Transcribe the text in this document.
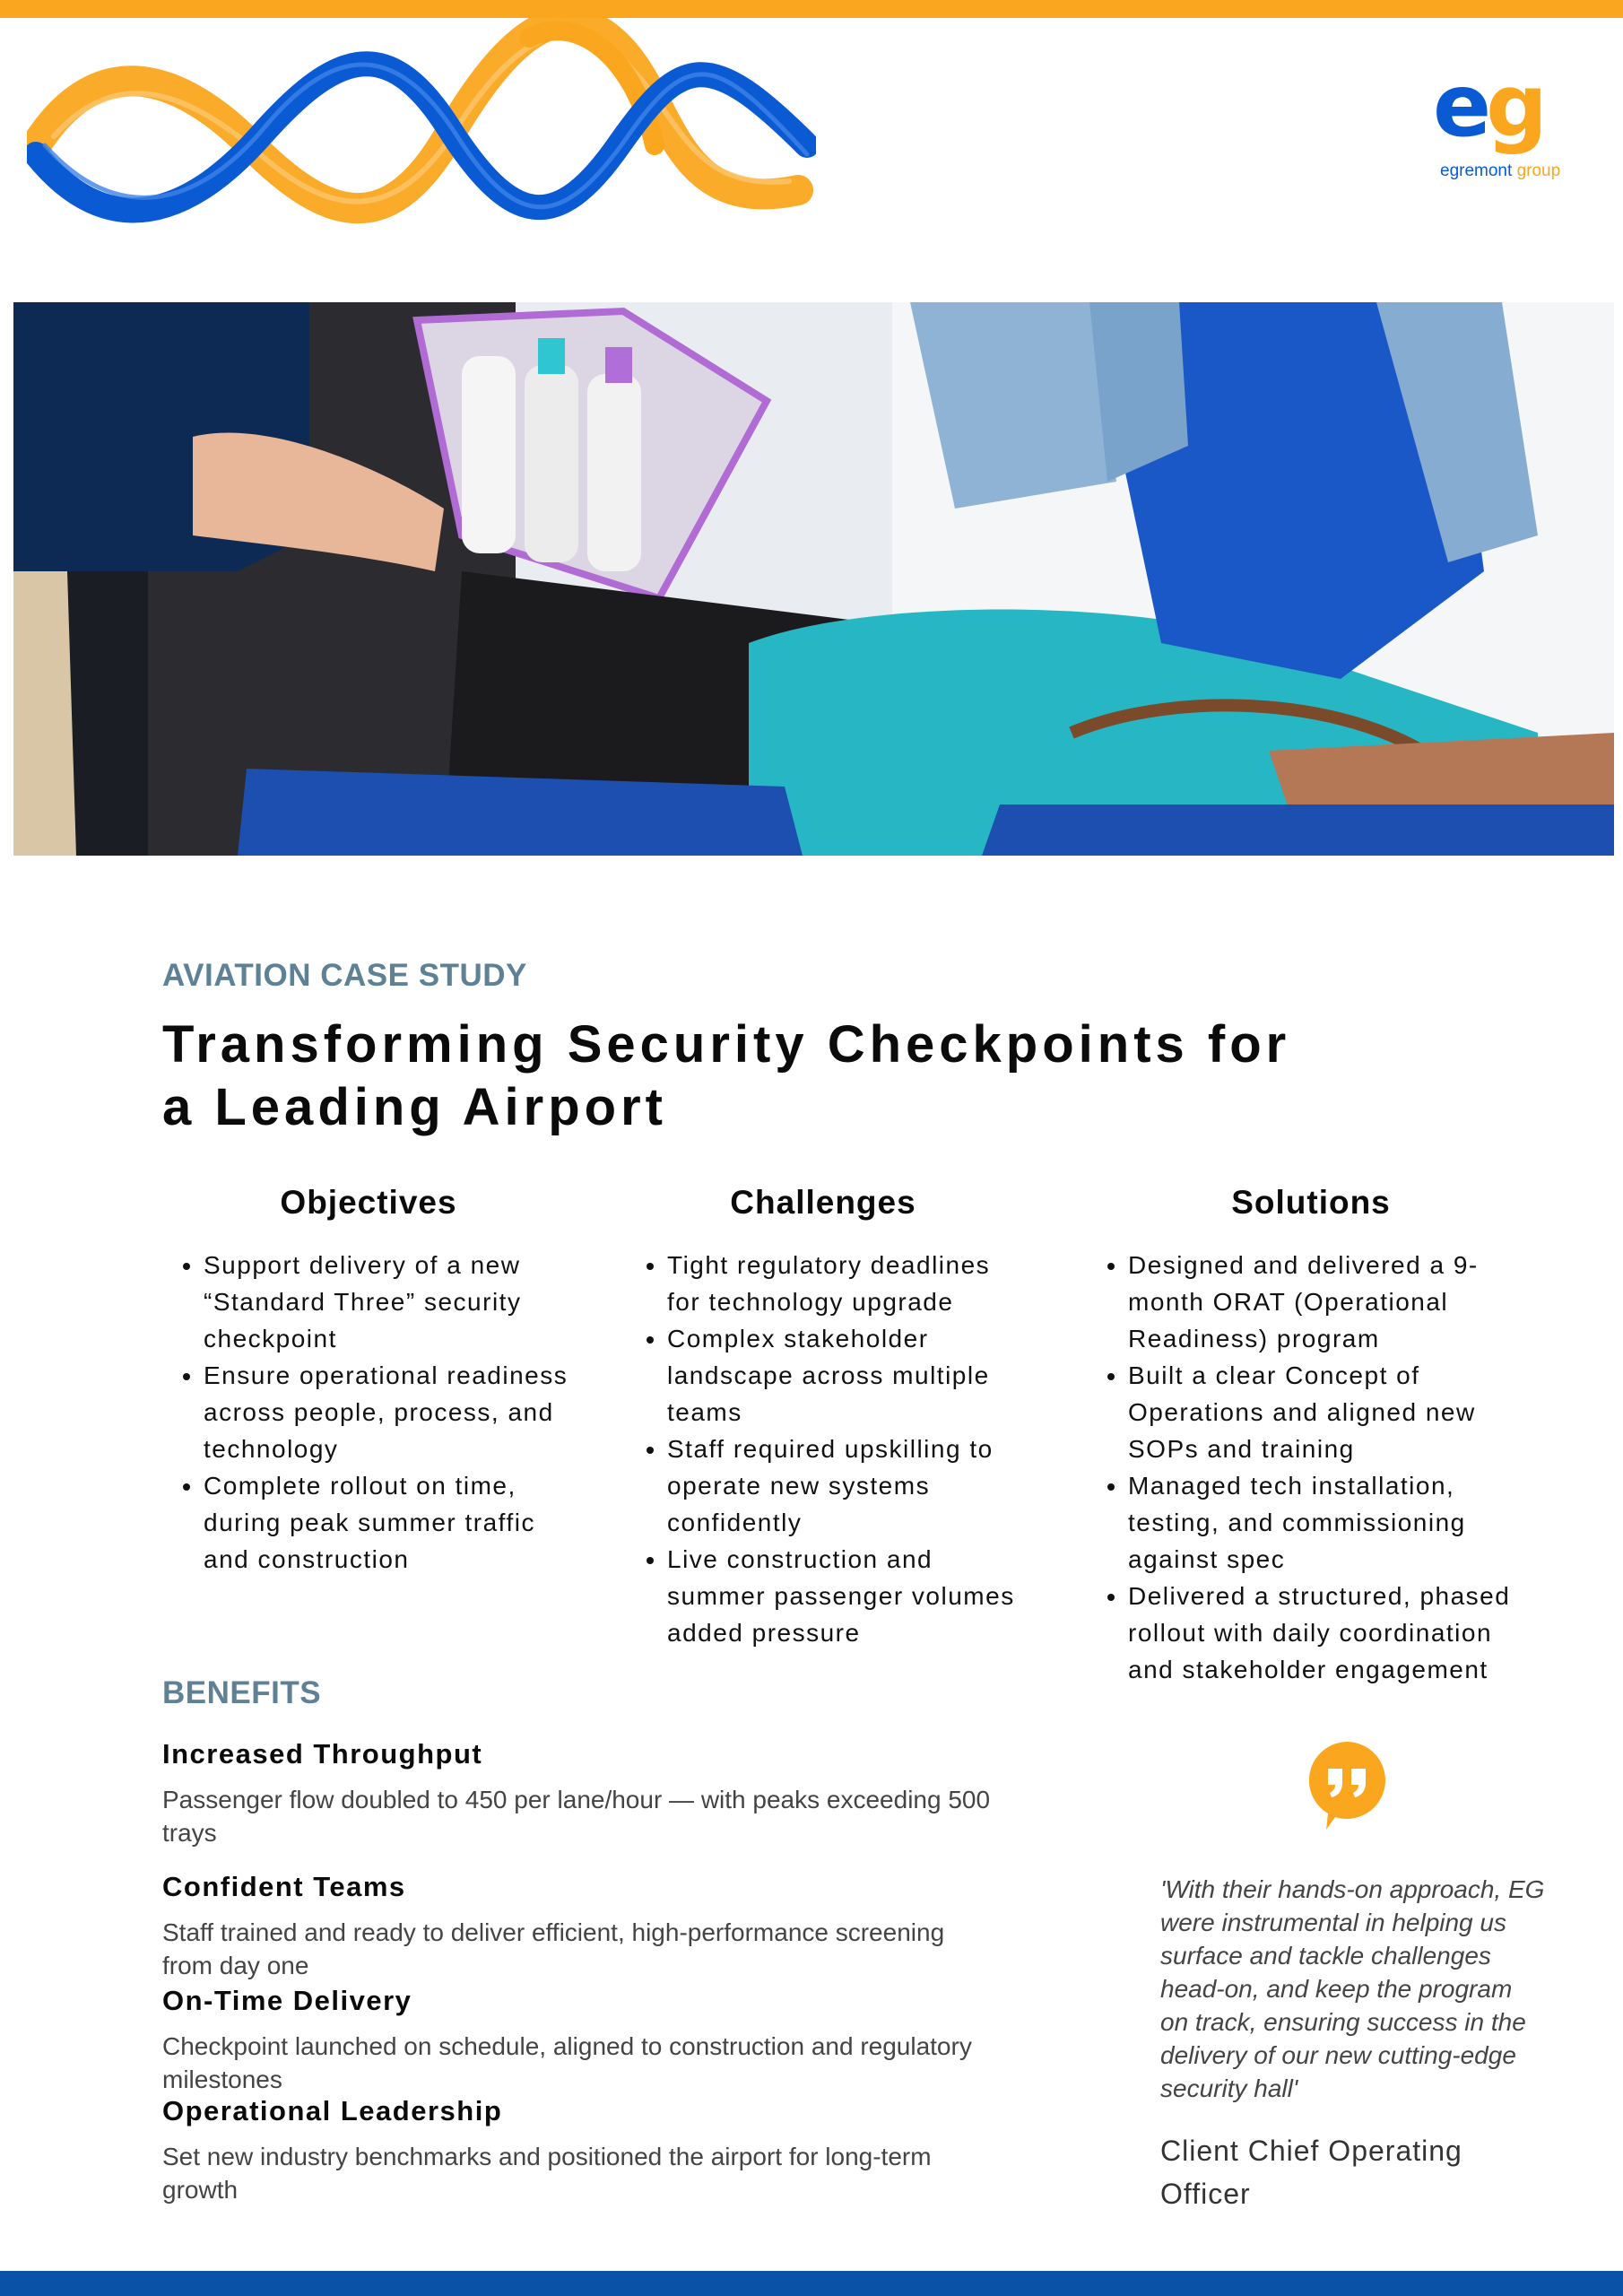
eg
egremont group
AVIATION CASE STUDY
Transforming Security Checkpoints for
a Leading Airport
Objectives
• Support delivery of a new “Standard Three” security checkpoint
• Ensure operational readiness across people, process, and technology
• Complete rollout on time, during peak summer traffic and construction
Challenges
• Tight regulatory deadlines for technology upgrade
• Complex stakeholder landscape across multiple teams
• Staff required upskilling to operate new systems confidently
• Live construction and summer passenger volumes added pressure
Solutions
• Designed and delivered a 9-month ORAT (Operational Readiness) program
• Built a clear Concept of Operations and aligned new SOPs and training
• Managed tech installation, testing, and commissioning against spec
• Delivered a structured, phased rollout with daily coordination and stakeholder engagement
BENEFITS
Increased Throughput

Passenger flow doubled to 450 per lane/hour — with peaks exceeding 500 trays

Confident Teams

Staff trained and ready to deliver efficient, high-performance screening from day one

On-Time Delivery

Checkpoint launched on schedule, aligned to construction and regulatory milestones

Operational Leadership

Set new industry benchmarks and positioned the airport for long-term growth

'With their hands-on approach, EG were instrumental in helping us surface and tackle challenges head-on, and keep the program on track, ensuring success in the delivery of our new cutting-edge security hall'
Client Chief Operating Officer
